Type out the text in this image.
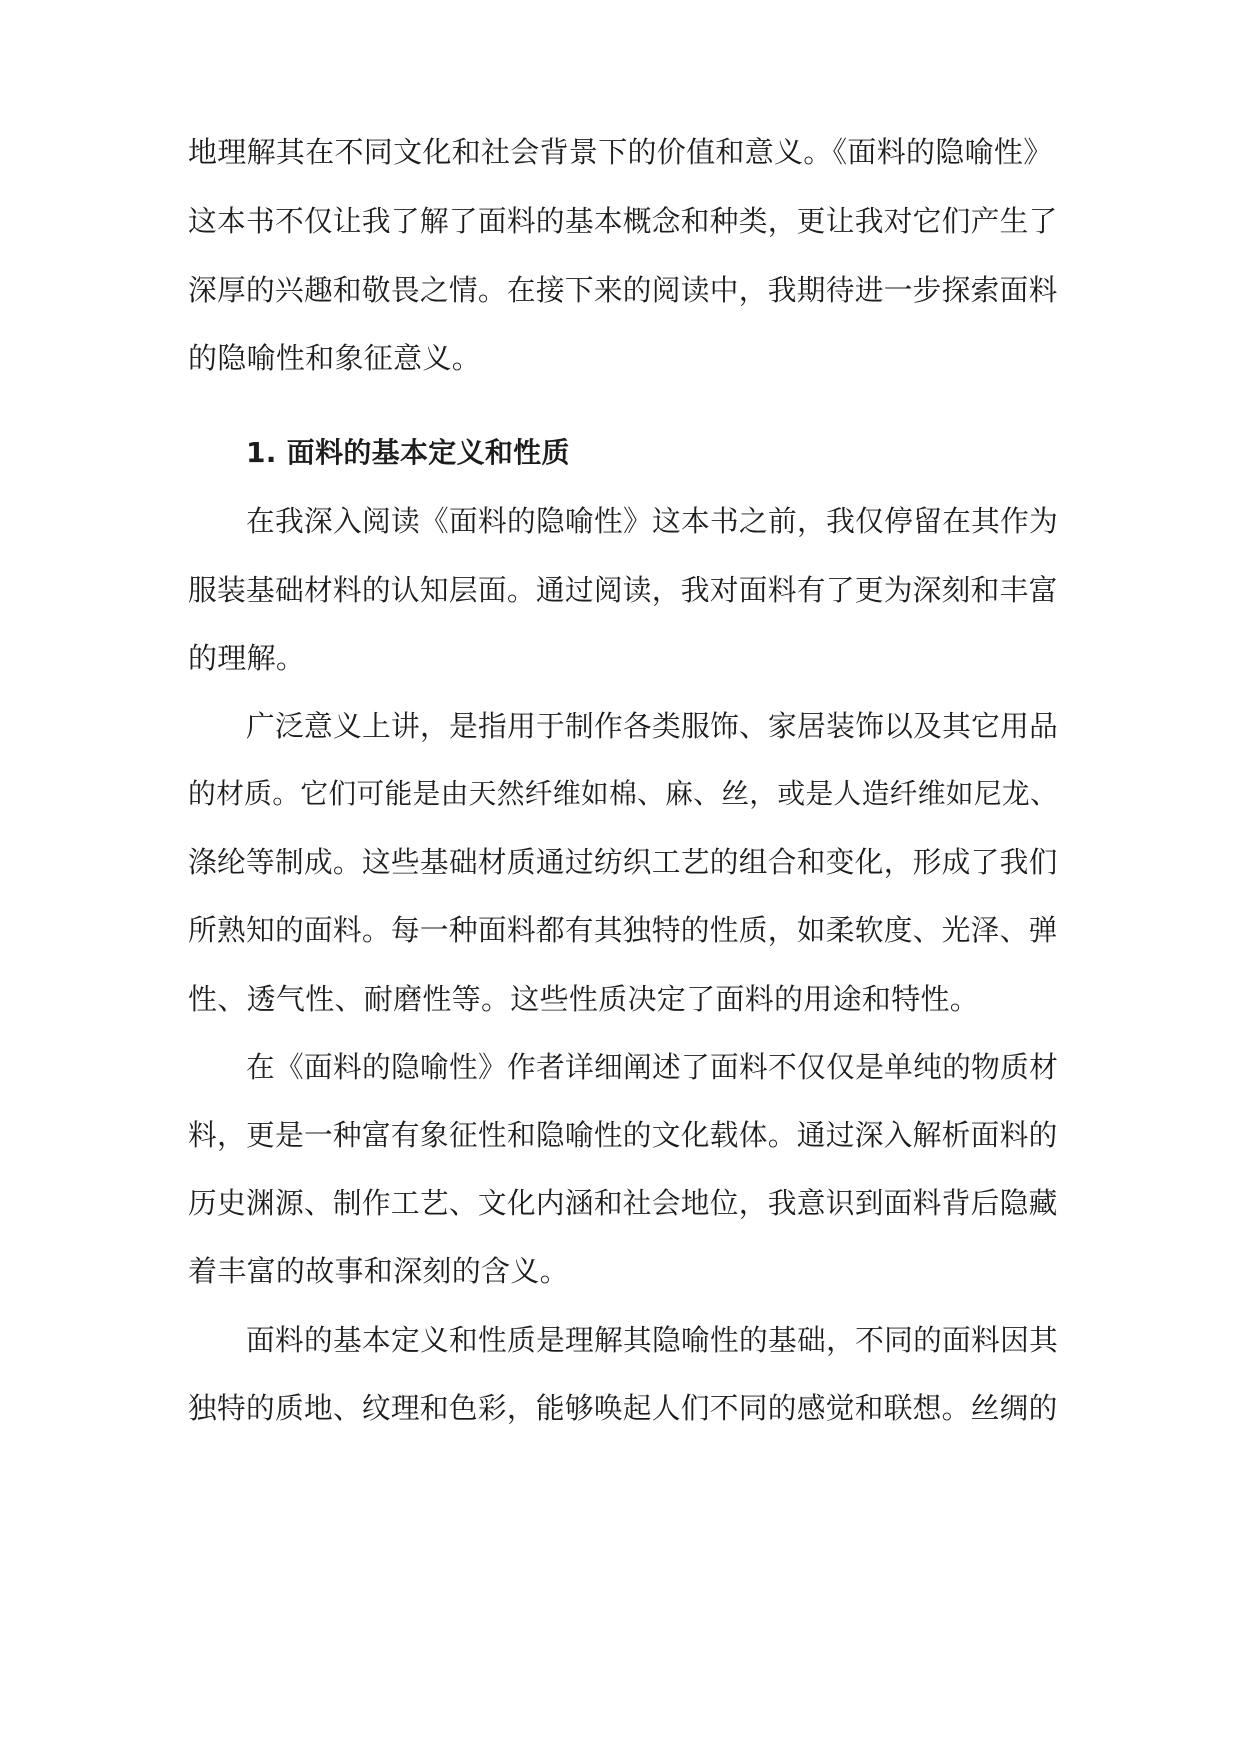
地理解其在不同文化和社会背景下的价值和意义。《面料的隐喻性》
这本书不仅让我了解了面料的基本概念和种类，更让我对它们产生了
深厚的兴趣和敬畏之情。在接下来的阅读中，我期待进一步探索面料
的隐喻性和象征意义。
1. 面料的基本定义和性质
在我深入阅读《面料的隐喻性》这本书之前，我仅停留在其作为
服装基础材料的认知层面。通过阅读，我对面料有了更为深刻和丰富
的理解。
广泛意义上讲，是指用于制作各类服饰、家居装饰以及其它用品
的材质。它们可能是由天然纤维如棉、麻、丝，或是人造纤维如尼龙、
涤纶等制成。这些基础材质通过纺织工艺的组合和变化，形成了我们
所熟知的面料。每一种面料都有其独特的性质，如柔软度、光泽、弹
性、透气性、耐磨性等。这些性质决定了面料的用途和特性。
在《面料的隐喻性》作者详细阐述了面料不仅仅是单纯的物质材
料，更是一种富有象征性和隐喻性的文化载体。通过深入解析面料的
历史渊源、制作工艺、文化内涵和社会地位，我意识到面料背后隐藏
着丰富的故事和深刻的含义。
面料的基本定义和性质是理解其隐喻性的基础，不同的面料因其
独特的质地、纹理和色彩，能够唤起人们不同的感觉和联想。丝绸的
